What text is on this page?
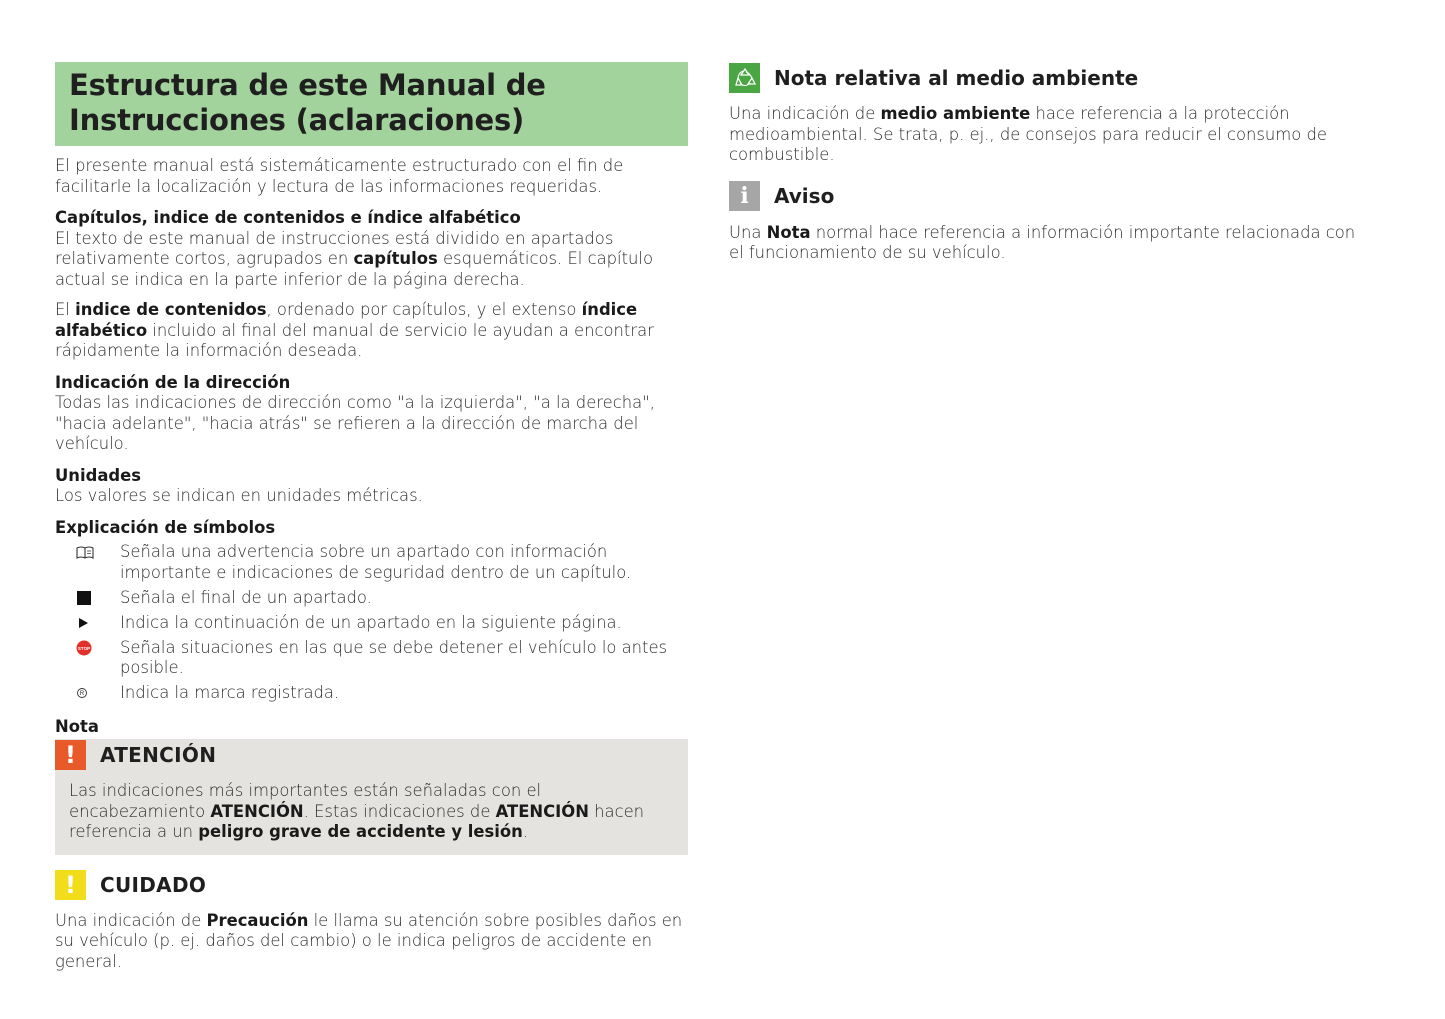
Estructura de este Manual de Instrucciones (aclaraciones)

El presente manual está sistemáticamente estructurado con el fin de facilitarle la localización y lectura de las informaciones requeridas.

Capítulos, indice de contenidos e índice alfabético

El texto de este manual de instrucciones está dividido en apartados relativamente cortos, agrupados en capítulos esquemáticos. El capítulo actual se indica en la parte inferior de la página derecha.

El indice de contenidos, ordenado por capítulos, y el extenso índice alfabético incluido al final del manual de servicio le ayudan a encontrar rápidamente la información deseada.

Indicación de la dirección

Todas las indicaciones de dirección como "a la izquierda", "a la derecha", "hacia adelante", "hacia atrás" se refieren a la dirección de marcha del vehículo.

Unidades

Los valores se indican en unidades métricas.

Explicación de símbolos

Señala una advertencia sobre un apartado con información importante e indicaciones de seguridad dentro de un capítulo.
Señala el final de un apartado.
Indica la continuación de un apartado en la siguiente página.
STOP Señala situaciones en las que se debe detener el vehículo lo antes posible.
R Indica la marca registrada.

Nota

!	ATENCIÓN

Las indicaciones más importantes están señaladas con el encabezamiento ATENCIÓN. Estas indicaciones de ATENCIÓN hacen referencia a un peligro grave de accidente y lesión.

!	CUIDADO

Una indicación de Precaución le llama su atención sobre posibles daños en su vehículo (p. ej. daños del cambio) o le indica peligros de accidente en general.

Nota relativa al medio ambiente

Una indicación de medio ambiente hace referencia a la protección medioambiental. Se trata, p. ej., de consejos para reducir el consumo de combustible.

i	Aviso

Una Nota normal hace referencia a información importante relacionada con el funcionamiento de su vehículo.
